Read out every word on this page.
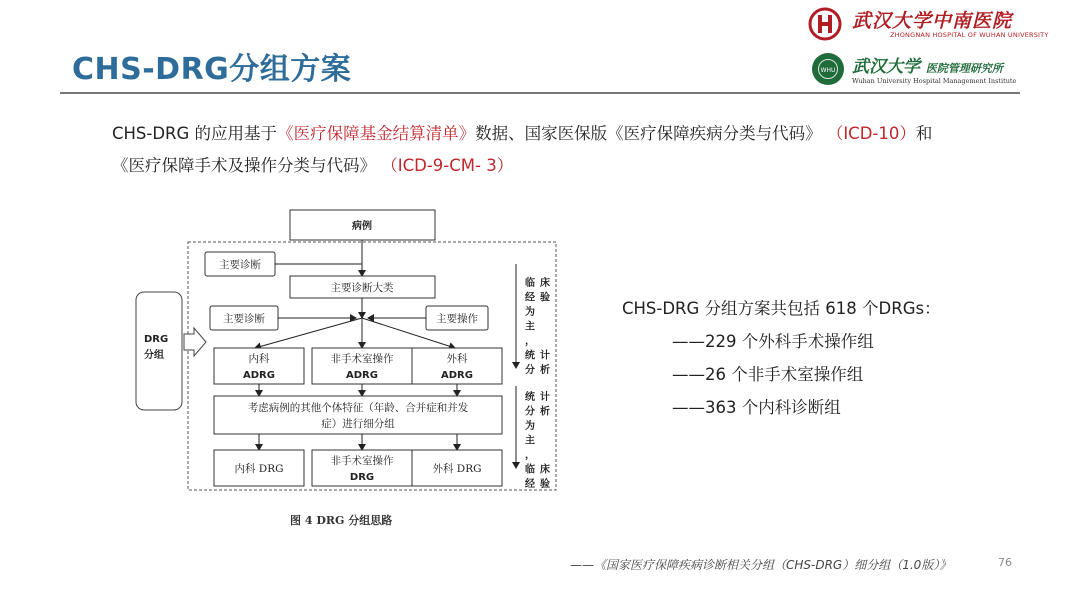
CHS-DRG分组方案
武汉大学中南医院
ZHONGNAN HOSPITAL OF WUHAN UNIVERSITY
WHU 武汉大学 医院管理研究所
Wuhan University Hospital Management Institute
CHS-DRG 的应用基于《医疗保障基金结算清单》数据、国家医保版《医疗保障疾病分类与代码》 （ICD-10）和
《医疗保障手术及操作分类与代码》 （ICD-9-CM- 3）
病例
主要诊断
主要诊断大类
主要诊断	主要操作
DRG
分组	内科
ADRG
非手术室操作
ADRG
外科
ADRG
考虑病例的其他个体特征（年龄、合并症和并发
症）进行细分组
内科 DRG
非手术室操作
DRG
外科 DRG
临
经
为
主
，
统
分
床
验
计
析
统
分
为
主
，
临
经
计
析
床
验
图 4 DRG 分组思路
CHS-DRG 分组方案共包括 618 个DRGs：
——229 个外科手术操作组
——26 个非手术室操作组
——363 个内科诊断组
——《国家医疗保障疾病诊断相关分组（CHS-DRG）细分组（1.0版）》	76
